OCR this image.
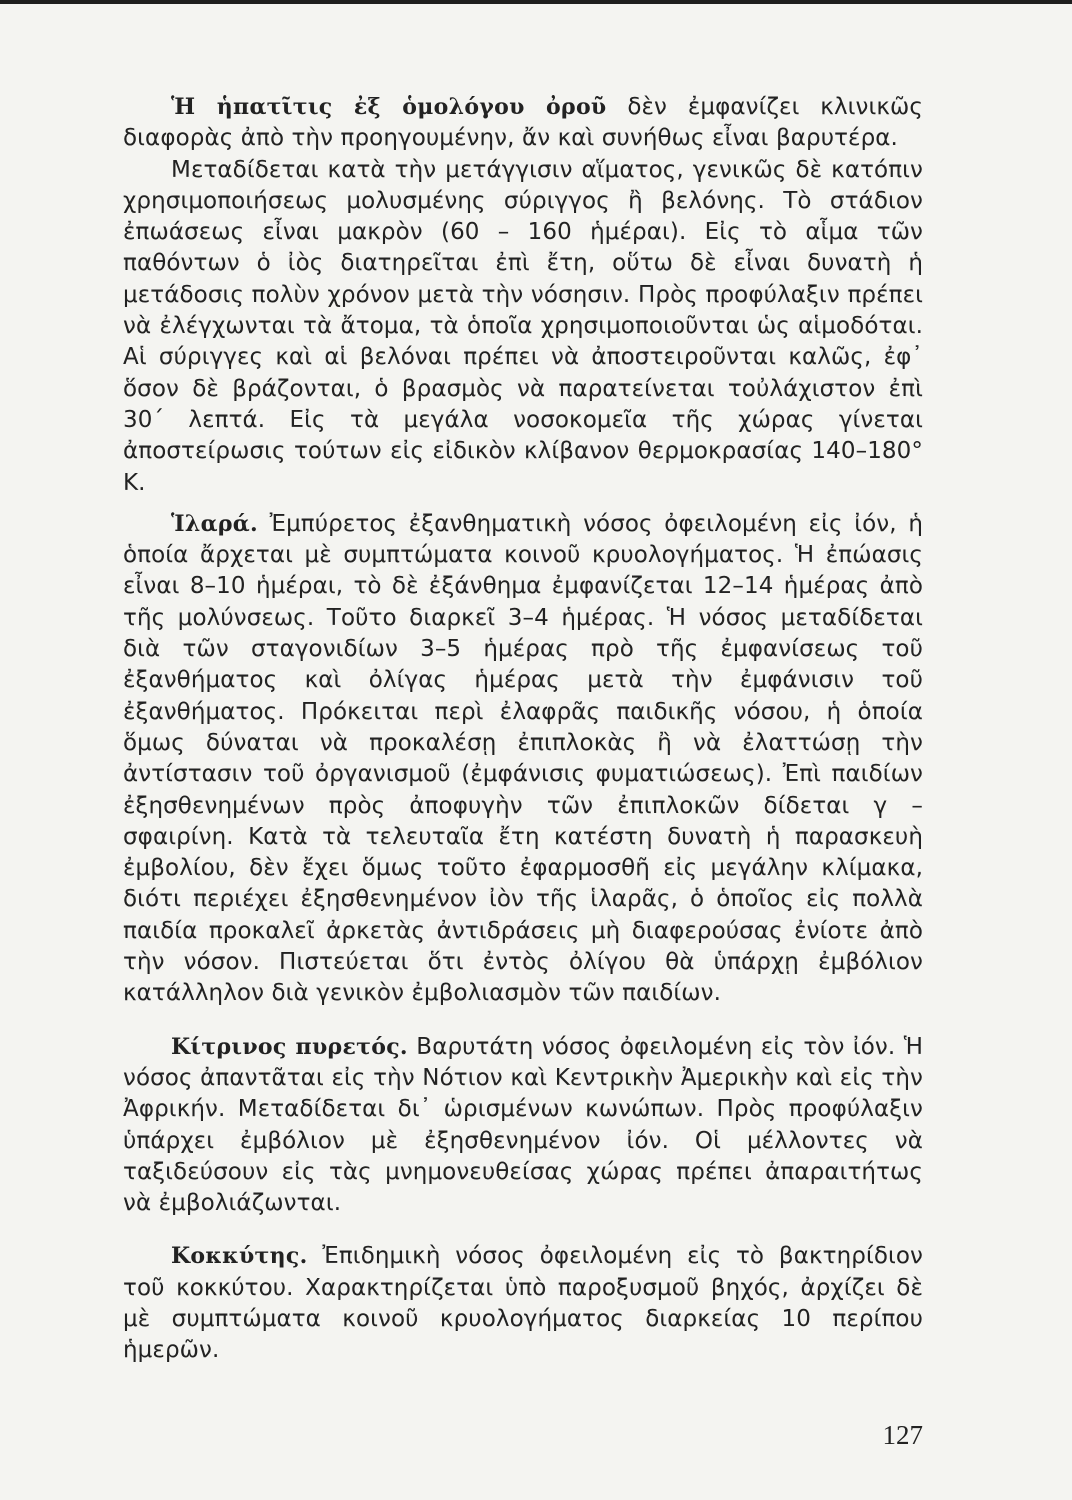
Ἡ ἡπατῖτις ἐξ ὁμολόγου ὀροῦ δὲν ἐμφανίζει κλινικῶς διαφορὰς ἀπὸ τὴν προηγουμένην, ἄν καὶ συνήθως εἶναι βαρυτέρα.

Μεταδίδεται κατὰ τὴν μετάγγισιν αἵματος, γενικῶς δὲ κατόπιν χρησιμοποιήσεως μολυσμένης σύριγγος ἢ βελόνης. Τὸ στάδιον ἐπωάσεως εἶναι μακρὸν (60 – 160 ἡμέραι). Εἰς τὸ αἷμα τῶν παθόντων ὁ ἰὸς διατηρεῖται ἐπὶ ἔτη, οὕτω δὲ εἶναι δυνατὴ ἡ μετάδοσις πολὺν χρόνον μετὰ τὴν νόσησιν. Πρὸς προφύλαξιν πρέπει νὰ ἐλέγχωνται τὰ ἄτομα, τὰ ὁποῖα χρησιμοποιοῦνται ὡς αἱμοδόται. Αἱ σύριγγες καὶ αἱ βελόναι πρέπει νὰ ἀποστειροῦνται καλῶς, ἐφ᾽ ὅσον δὲ βράζονται, ὁ βρασμὸς νὰ παρατείνεται τοὐλάχιστον ἐπὶ 30΄ λεπτά. Εἰς τὰ μεγάλα νοσοκομεῖα τῆς χώρας γίνεται ἀποστείρωσις τούτων εἰς εἰδικὸν κλίβανον θερμοκρασίας 140–180° Κ.

Ἱλαρά. Ἐμπύρετος ἐξανθηματικὴ νόσος ὀφειλομένη εἰς ἰόν, ἡ ὁποία ἄρχεται μὲ συμπτώματα κοινοῦ κρυολογήματος. Ἡ ἐπώασις εἶναι 8–10 ἡμέραι, τὸ δὲ ἐξάνθημα ἐμφανίζεται 12–14 ἡμέρας ἀπὸ τῆς μολύνσεως. Τοῦτο διαρκεῖ 3–4 ἡμέρας. Ἡ νόσος μεταδίδεται διὰ τῶν σταγονιδίων 3–5 ἡμέρας πρὸ τῆς ἐμφανίσεως τοῦ ἐξανθήματος καὶ ὀλίγας ἡμέρας μετὰ τὴν ἐμφάνισιν τοῦ ἐξανθήματος. Πρόκειται περὶ ἐλαφρᾶς παιδικῆς νόσου, ἡ ὁποία ὅμως δύναται νὰ προκαλέσῃ ἐπιπλοκὰς ἢ νὰ ἐλαττώσῃ τὴν ἀντίστασιν τοῦ ὀργανισμοῦ (ἐμφάνισις φυματιώσεως). Ἐπὶ παιδίων ἐξησθενημένων πρὸς ἀποφυγὴν τῶν ἐπιπλοκῶν δίδεται γ – σφαιρίνη. Κατὰ τὰ τελευταῖα ἔτη κατέστη δυνατὴ ἡ παρασκευὴ ἐμβολίου, δὲν ἔχει ὅμως τοῦτο ἐφαρμοσθῆ εἰς μεγάλην κλίμακα, διότι περιέχει ἐξησθενημένον ἰὸν τῆς ἱλαρᾶς, ὁ ὁποῖος εἰς πολλὰ παιδία προκαλεῖ ἀρκετὰς ἀντιδράσεις μὴ διαφερούσας ἐνίοτε ἀπὸ τὴν νόσον. Πιστεύεται ὅτι ἐντὸς ὀλίγου θὰ ὑπάρχῃ ἐμβόλιον κατάλληλον διὰ γενικὸν ἐμβολιασμὸν τῶν παιδίων.

Κίτρινος πυρετός. Βαρυτάτη νόσος ὀφειλομένη εἰς τὸν ἰόν. Ἡ νόσος ἀπαντᾶται εἰς τὴν Νότιον καὶ Κεντρικὴν Ἀμερικὴν καὶ εἰς τὴν Ἀφρικήν. Μεταδίδεται δι᾽ ὡρισμένων κωνώπων. Πρὸς προφύλαξιν ὑπάρχει ἐμβόλιον μὲ ἐξησθενημένον ἰόν. Οἱ μέλλοντες νὰ ταξιδεύσουν εἰς τὰς μνημονευθείσας χώρας πρέπει ἀπαραιτήτως νὰ ἐμβολιάζωνται.

Κοκκύτης. Ἐπιδημικὴ νόσος ὀφειλομένη εἰς τὸ βακτηρίδιον τοῦ κοκκύτου. Χαρακτηρίζεται ὑπὸ παροξυσμοῦ βηχός, ἀρχίζει δὲ μὲ συμπτώματα κοινοῦ κρυολογήματος διαρκείας 10 περίπου ἡμερῶν.

127
